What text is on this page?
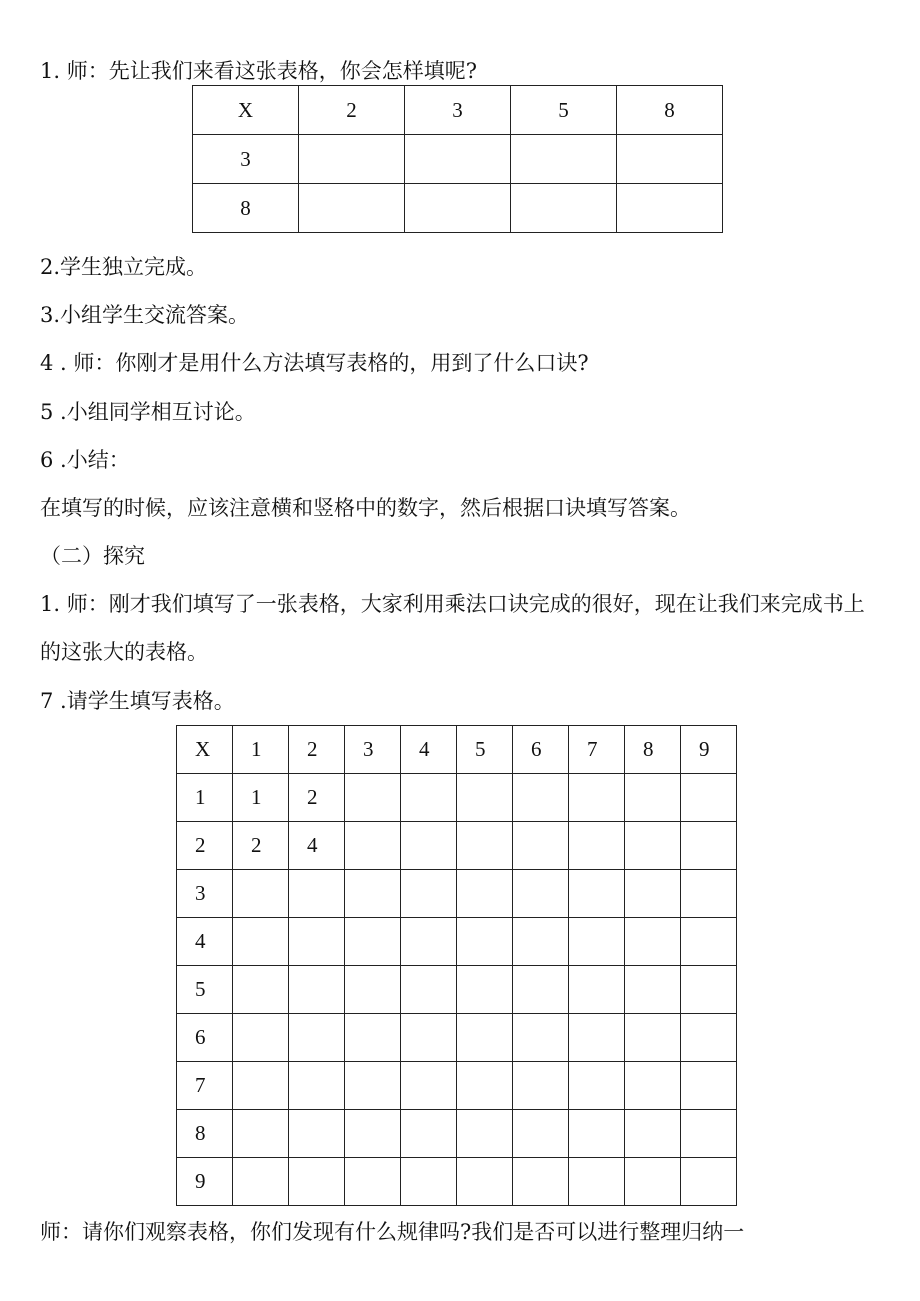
1. 师：先让我们来看这张表格，你会怎样填呢?
X	2	3	5	8
3				
8				
2.学生独立完成。
3.小组学生交流答案。
4 . 师：你刚才是用什么方法填写表格的，用到了什么口诀?
5 .小组同学相互讨论。
6 .小结：
在填写的时候，应该注意横和竖格中的数字，然后根据口诀填写答案。
（二）探究
1. 师：刚才我们填写了一张表格，大家利用乘法口诀完成的很好，现在让我们来完成书上的这张大的表格。
7 .请学生填写表格。
X	1	2	3	4	5	6	7	8	9
1	1	2							
2	2	4							
3									
4									
5									
6									
7									
8									
9									
师：请你们观察表格，你们发现有什么规律吗?我们是否可以进行整理归纳一
